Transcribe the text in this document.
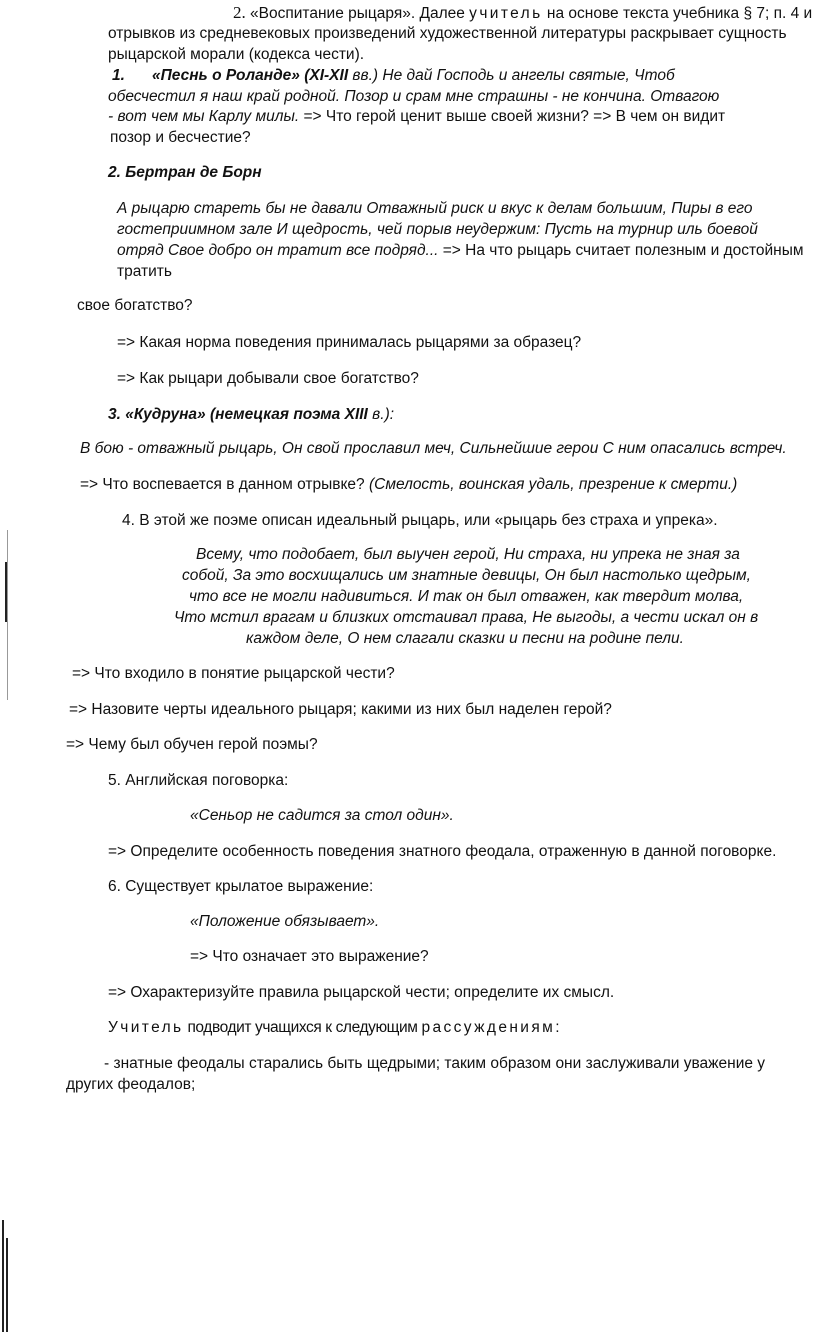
2. «Воспитание рыцаря». Далее учитель на основе текста учебника § 7; п. 4 и
отрывков из средневековых произведений художественной литературы раскрывает сущность
рыцарской морали (кодекса чести).
1. «Песнь о Роланде» (XI-XII вв.) Не дай Господь и ангелы святые, Чтоб
обесчестил я наш край родной. Позор и срам мне страшны - не кончина. Отвагою
- вот чем мы Карлу милы. => Что герой ценит выше своей жизни? => В чем он видит
позор и бесчестие?
2. Бертран де Борн
А рыцарю стареть бы не давали Отважный риск и вкус к делам большим, Пиры в его
гостеприимном зале И щедрость, чей порыв неудержим: Пусть на турнир иль боевой
отряд Свое добро он тратит все подряд... => На что рыцарь считает полезным и достойным
тратить
свое богатство?
=> Какая норма поведения принималась рыцарями за образец?
=> Как рыцари добывали свое богатство?
3. «Кудруна» (немецкая поэма XIII в.):
В бою - отважный рыцарь, Он свой прославил меч, Сильнейшие герои С ним опасались встреч.
=> Что воспевается в данном отрывке? (Смелость, воинская удаль, презрение к смерти.)
4. В этой же поэме описан идеальный рыцарь, или «рыцарь без страха и упрека».
Всему, что подобает, был выучен герой, Ни страха, ни упрека не зная за
собой, За это восхищались им знатные девицы, Он был настолько щедрым,
что все не могли надивиться. И так он был отважен, как твердит молва,
Что мстил врагам и близких отстаивал права, Не выгоды, а чести искал он в
каждом деле, О нем слагали сказки и песни на родине пели.
=> Что входило в понятие рыцарской чести?
=> Назовите черты идеального рыцаря; какими из них был наделен герой?
=> Чему был обучен герой поэмы?
5. Английская поговорка:
«Сеньор не садится за стол один».
=> Определите особенность поведения знатного феодала, отраженную в данной поговорке.
6. Существует крылатое выражение:
«Положение обязывает».
=> Что означает это выражение?
=> Охарактеризуйте правила рыцарской чести; определите их смысл.
Учитель подводит учащихся к следующим рассуждениям:
- знатные феодалы старались быть щедрыми; таким образом они заслуживали уважение у
других феодалов;
